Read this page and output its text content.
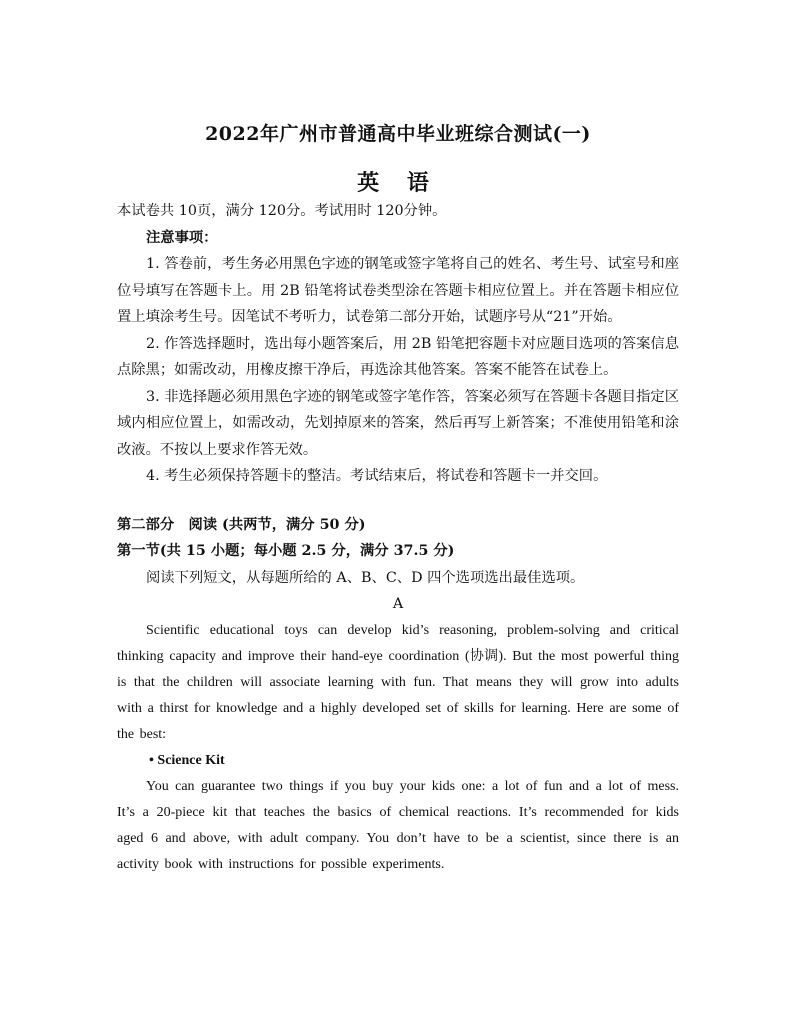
2022年广州市普通高中毕业班综合测试(一)
英 语

本试卷共 10页，满分 120分。考试用时 120分钟。

注意事项：

1. 答卷前，考生务必用黑色字迹的钢笔或签字笔将自己的姓名、考生号、试室号和座位号填写在答题卡上。用 2B 铅笔将试卷类型涂在答题卡相应位置上。并在答题卡相应位置上填涂考生号。因笔试不考听力，试卷第二部分开始，试题序号从“21”开始。

2. 作答选择题时，选出每小题答案后，用 2B 铅笔把容题卡对应题目选项的答案信息点除黑；如需改动，用橡皮擦干净后，再选涂其他答案。答案不能答在试卷上。

3. 非选择题必须用黑色字迹的钢笔或签字笔作答，答案必须写在答题卡各题目指定区域内相应位置上，如需改动，先划掉原来的答案，然后再写上新答案；不准使用铅笔和涂改液。不按以上要求作答无效。

4. 考生必须保持答题卡的整洁。考试结束后，将试卷和答题卡一并交回。

第二部分　阅读 (共两节，满分 50 分)

第一节(共 15 小题；每小题 2.5 分，满分 37.5 分)

阅读下列短文，从每题所给的 A、B、C、D 四个选项选出最佳选项。

A

Scientific educational toys can develop kid’s reasoning, problem-solving and critical thinking capacity and improve their hand-eye coordination (协调). But the most powerful thing is that the children will associate learning with fun. That means they will grow into adults with a thirst for knowledge and a highly developed set of skills for learning. Here are some of the best:

• Science Kit

You can guarantee two things if you buy your kids one: a lot of fun and a lot of mess. It’s a 20-piece kit that teaches the basics of chemical reactions. It’s recommended for kids aged 6 and above, with adult company. You don’t have to be a scientist, since there is an activity book with instructions for possible experiments.
